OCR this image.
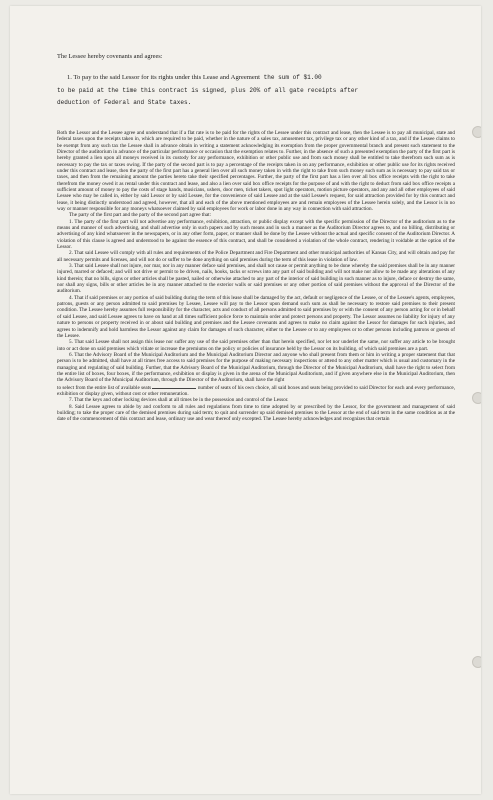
The Lessee hereby covenants and agrees:
1. To pay to the said Lessor for its rights under this Lease and Agreement the sum of $1.00
to be paid at the time this contract is signed, plus 20% of all gate receipts after
deduction of Federal and State taxes.

Both the Lessor and the Lessee agree and understand that if a flat rate is to be paid for the rights of the Lessee under this contract and lease, then the Lessee is to pay all municipal, state and federal taxes upon the receipts taken in, which are required to be paid, whether in the nature of a sales tax, amusement tax, privilege tax or any other kind of a tax, and if the Lessee claims to be exempt from any such tax the Lessee shall in advance obtain in writing a statement acknowledging its exemption from the proper governmental branch and present such statement to the Director of the auditorium in advance of the particular performance or occasion that the exemption relates to. Further, in the absence of such a presented exemption the party of the first part is hereby granted a lien upon all moneys received in its custody for any performance, exhibition or other public use and from such money shall be entitled to take therefrom such sum as is necessary to pay the tax or taxes owing. If the party of the second part is to pay a percentage of the receipts taken in on any performance, exhibition or other public use for its rights received under this contract and lease, then the party of the first part has a general lien over all such money taken in with the right to take from such money such sum as is necessary to pay said tax or taxes, and then from the remaining amount the parties hereto take their specified percentages. Further, the party of the first part has a lien over all box office receipts with the right to take therefrom the money owed it as rental under this contract and lease, and also a lien over said box office receipts for the purpose of and with the right to deduct from said box office receipts a sufficient amount of money to pay the costs of stage hands, musicians, ushers, door men, ticket takers, spot light operators, motion picture operators, and any and all other employees of said Lessee who may be called in, either by said Lessor or by said Lessee, for the convenience of said Lessee and at the said Lessee's request, for said attraction provided for by this contract and lease, it being distinctly understood and agreed, however, that all and each of the above mentioned employees are and remain employees of the Lessee herein solely, and the Lessor is in no way or manner responsible for any moneys whatsoever claimed by said employees for work or labor done in any way in connection with said attraction.

The party of the first part and the party of the second part agree that:

1. The party of the first part will not advertise any performance, exhibition, attraction, or public display except with the specific permission of the Director of the auditorium as to the means and manner of such advertising, and shall advertise only in such papers and by such means and in such a manner as the Auditorium Director agrees to, and no billing, distributing or advertising of any kind whatsoever in the newspapers, or in any other form, paper, or manner shall be done by the Lessee without the actual and specific consent of the Auditorium Director. A violation of this clause is agreed and understood to be against the essence of this contract, and shall be considered a violation of the whole contract, rendering it voidable at the option of the Lessor.

2. That said Lessee will comply with all rules and requirements of the Police Department and Fire Department and other municipal authorities of Kansas City, and will obtain and pay for all necessary permits and licenses, and will not do or suffer to be done anything on said premises during the term of this lease in violation of law.

3. That said Lessee shall not injure, nor mar, nor in any manner deface said premises, and shall not cause or permit anything to be done whereby the said premises shall be in any manner injured, marred or defaced; and will not drive or permit to be driven, nails, hooks, tacks or screws into any part of said building and will not make nor allow to be made any alterations of any kind therein; that no bills, signs or other articles shall be pasted, nailed or otherwise attached to any part of the interior of said building in such manner as to injure, deface or destroy the same, nor shall any signs, bills or other articles be in any manner attached to the exterior walls or said premises or any other portion of said premises without the approval of the Director of the auditorium.

4. That if said premises or any portion of said building during the term of this lease shall be damaged by the act, default or negligence of the Lessee, or of the Lessee's agents, employees, patrons, guests or any person admitted to said premises by Lessee, Lessee will pay to the Lessor upon demand such sum as shall be necessary to restore said premises to their present condition. The Lessee hereby assumes full responsibility for the character, acts and conduct of all persons admitted to said premises by or with the consent of any person acting for or in behalf of said Lessee, and said Lessee agrees to have on hand at all times sufficient police force to maintain order and protect persons and property. The Lessor assumes no liability for injury of any nature to persons or property received in or about said building and premises and the Lessee covenants and agrees to make no claim against the Lessor for damages for such injuries, and agrees to indemnify and hold harmless the Lessor against any claim for damages of such character, either to the Lessee or to any employees or to other persons including patrons or guests of the Lessee.

5. That said Lessee shall not assign this lease nor suffer any use of the said premises other than that herein specified, nor let nor underlet the same, nor suffer any article to be brought into or act done on said premises which vitiate or increase the premiums on the policy or policies of insurance held by the Lessor on its building, of which said premises are a part.

6. That the Advisory Board of the Municipal Auditorium and the Municipal Auditorium Director and anyone who shall present from them or him in writing a proper statement that that person is to be admitted, shall have at all times free access to said premises for the purpose of making necessary inspections or attend to any other matter which is usual and customary in the managing and regulating of said building. Further, that the Advisory Board of the Municipal Auditorium, through the Director of the Municipal Auditorium, shall have the right to select from the entire list of boxes, four boxes, if the performance, exhibition or display is given in the arena of the Municipal Auditorium, and if given anywhere else in the Municipal Auditorium, then the Advisory Board of the Municipal Auditorium, through the Director of the Auditorium, shall have the right

to select from the entire list of available seats	number of seats of his own choice, all said boxes and seats being provided to said Director for each and every performance, exhibition or display given, without cost or other remuneration.

7. That the keys and other locking devices shall at all times be in the possession and control of the Lessor.

8. Said Lessee agrees to abide by and conform to all rules and regulations from time to time adopted by or prescribed by the Lessor, for the government and management of said building; to take the proper care of the demised premises during said term; to quit and surrender up said demised premises to the Lessor at the end of said term in the same condition as at the date of the commencement of this contract and lease, ordinary use and wear thereof only excepted. The Lessee hereby acknowledges and recognizes that certain
